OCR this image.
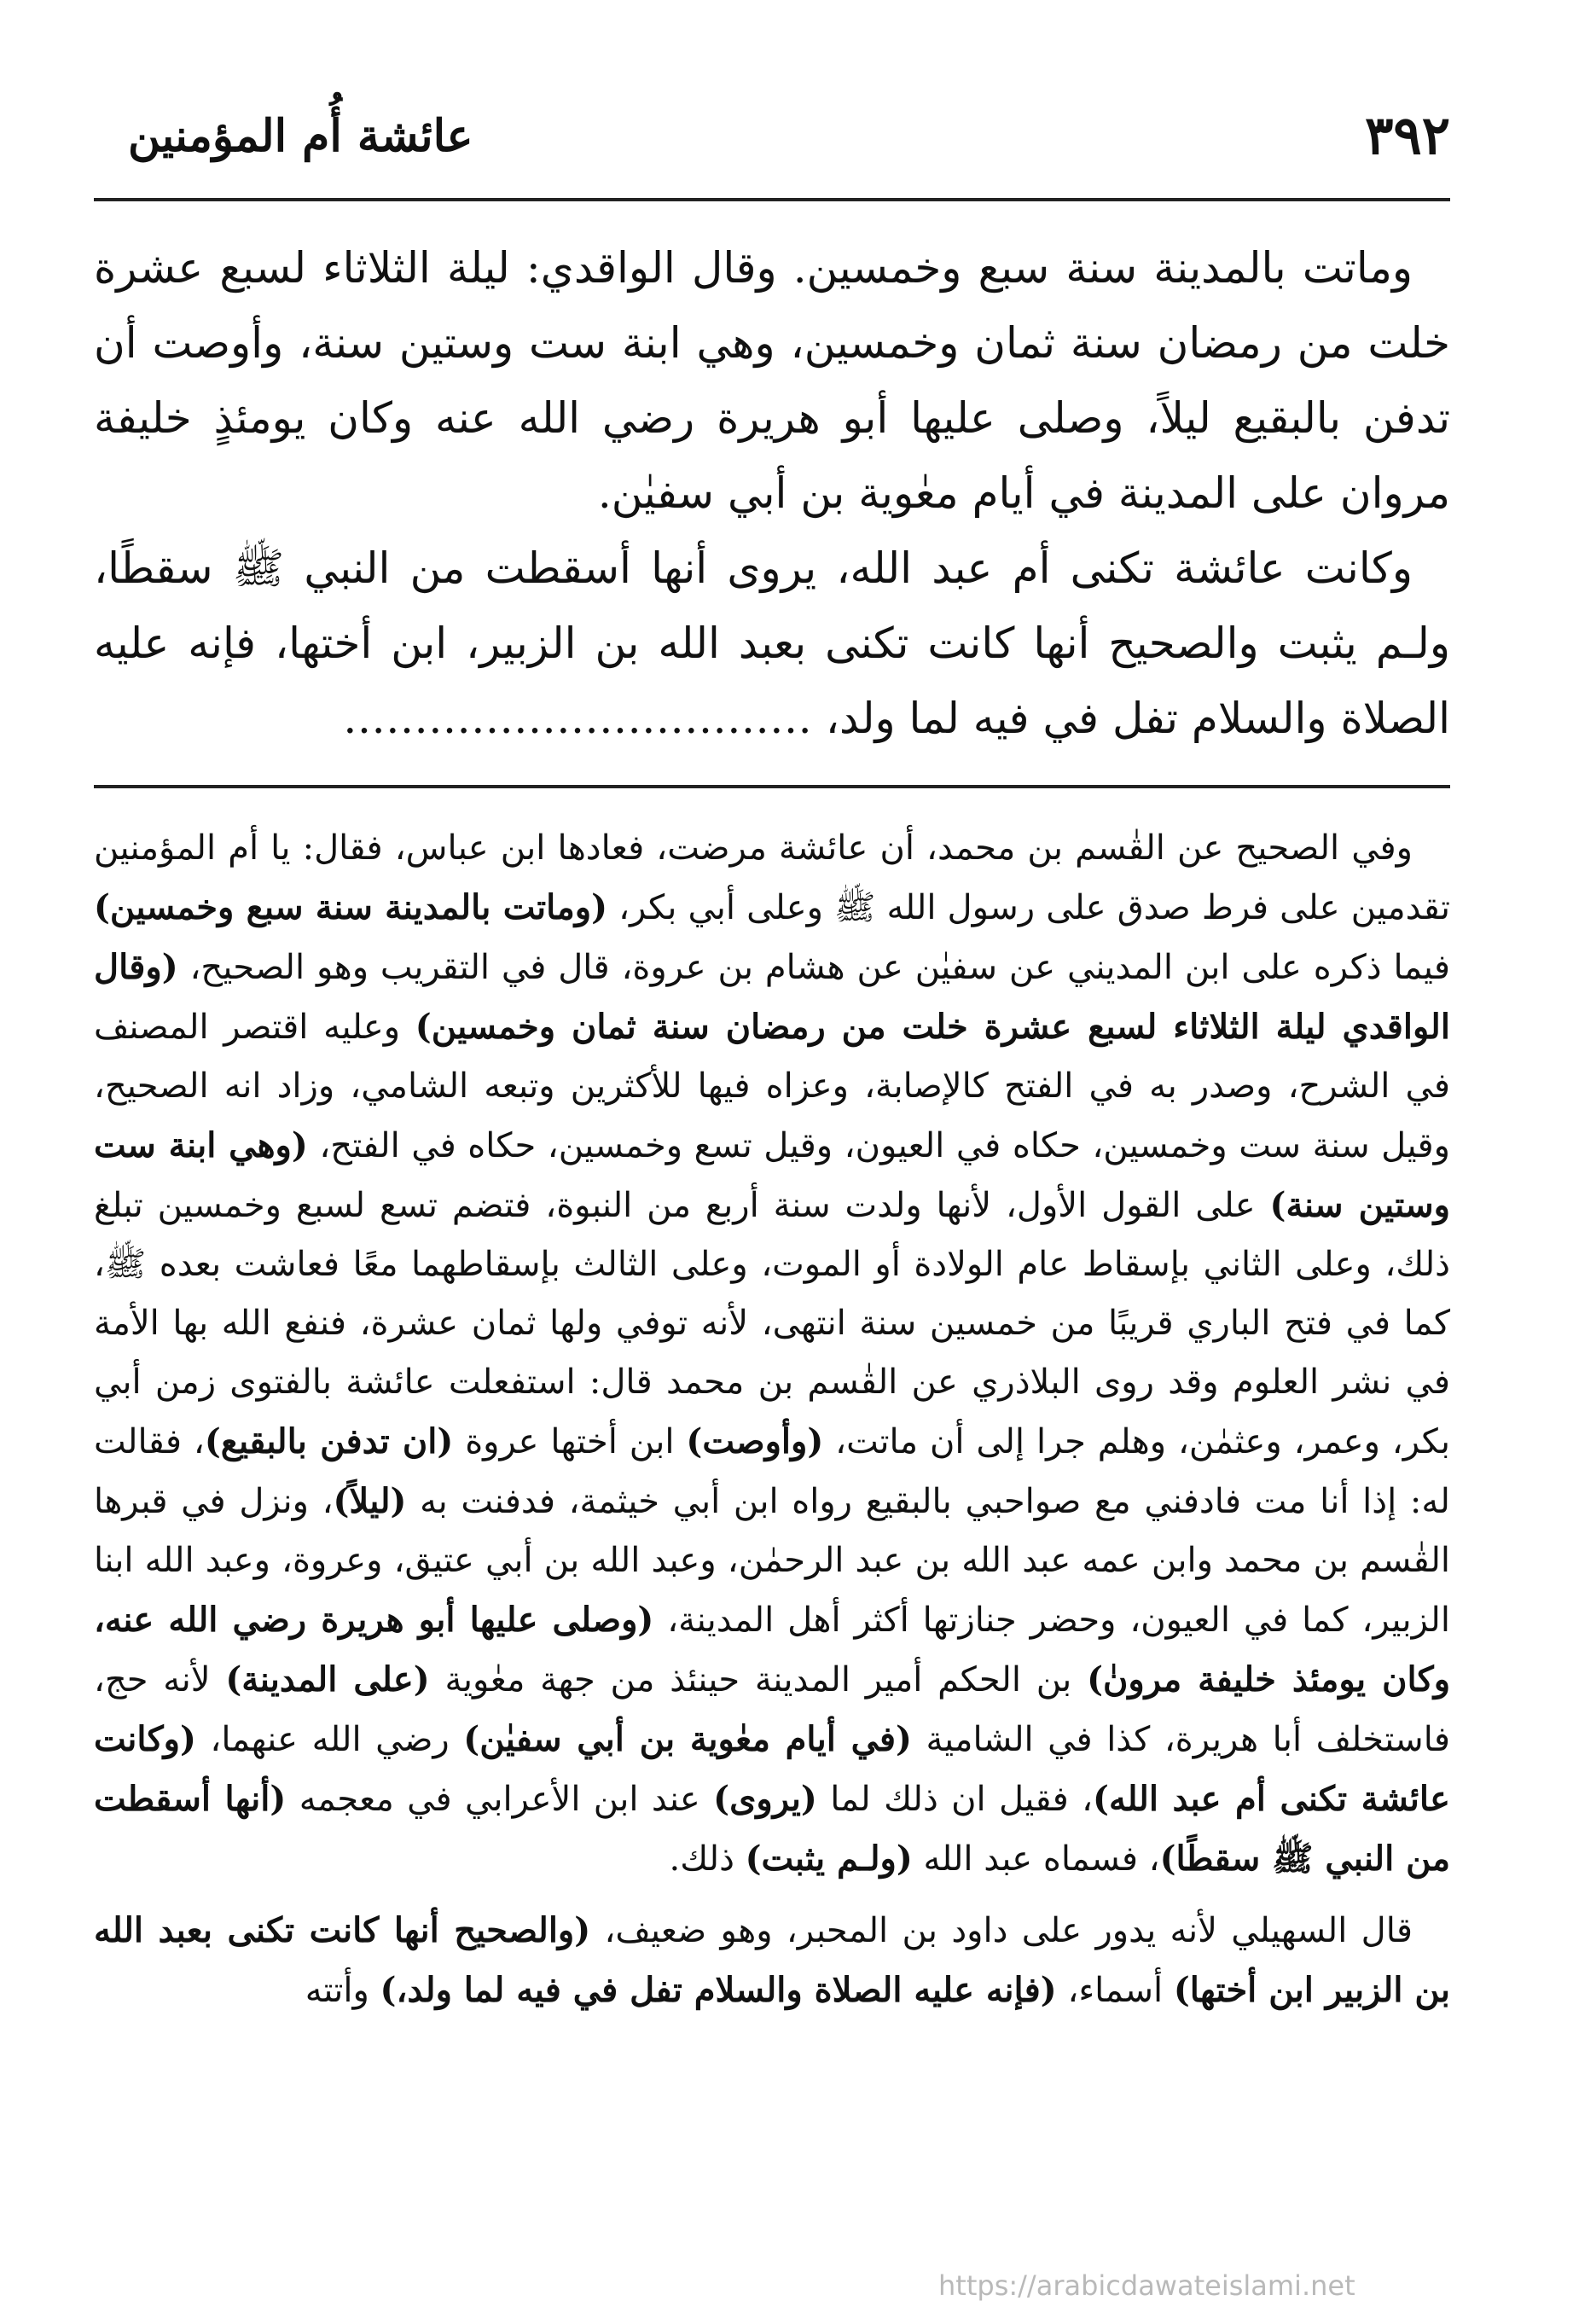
٣٩٢
عائشة أُم المؤمنين

وماتت بالمدينة سنة سبع وخمسين. وقال الواقدي: ليلة الثلاثاء لسبع عشرة خلت من رمضان سنة ثمان وخمسين، وهي ابنة ست وستين سنة، وأوصت أن تدفن بالبقيع ليلاً، وصلى عليها أبو هريرة رضي الله عنه وكان يومئذٍ خليفة مروان على المدينة في أيام معٰوية بن أبي سفيٰن.

وكانت عائشة تكنى أم عبد الله، يروى أنها أسقطت من النبي ﷺ سقطًا، ولـم يثبت والصحيح أنها كانت تكنى بعبد الله بن الزبير، ابن أختها، فإنه عليه الصلاة والسلام تفل في فيه لما ولد، ……………………………

وفي الصحيح عن القٰسم بن محمد، أن عائشة مرضت، فعادها ابن عباس، فقال: يا أم المؤمنين تقدمين على فرط صدق على رسول الله ﷺ وعلى أبي بكر، (وماتت بالمدينة سنة سبع وخمسين) فيما ذكره على ابن المديني عن سفيٰن عن هشام بن عروة، قال في التقريب وهو الصحيح، (وقال الواقدي ليلة الثلاثاء لسبع عشرة خلت من رمضان سنة ثمان وخمسين) وعليه اقتصر المصنف في الشرح، وصدر به في الفتح كالإصابة، وعزاه فيها للأكثرين وتبعه الشامي، وزاد انه الصحيح، وقيل سنة ست وخمسين، حكاه في العيون، وقيل تسع وخمسين، حكاه في الفتح، (وهي ابنة ست وستين سنة) على القول الأول، لأنها ولدت سنة أربع من النبوة، فتضم تسع لسبع وخمسين تبلغ ذلك، وعلى الثاني بإسقاط عام الولادة أو الموت، وعلى الثالث بإسقاطهما معًا فعاشت بعده ﷺ، كما في فتح الباري قريبًا من خمسين سنة انتهى، لأنه توفي ولها ثمان عشرة، فنفع الله بها الأمة في نشر العلوم وقد روى البلاذري عن القٰسم بن محمد قال: استفعلت عائشة بالفتوى زمن أبي بكر، وعمر، وعثمٰن، وهلم جرا إلى أن ماتت، (وأوصت) ابن أختها عروة (ان تدفن بالبقيع)، فقالت له: إذا أنا مت فادفني مع صواحبي بالبقيع رواه ابن أبي خيثمة، فدفنت به (ليلاً)، ونزل في قبرها القٰسم بن محمد وابن عمه عبد الله بن عبد الرحمٰن، وعبد الله بن أبي عتيق، وعروة، وعبد الله ابنا الزبير، كما في العيون، وحضر جنازتها أكثر أهل المدينة، (وصلى عليها أبو هريرة رضي الله عنه، وكان يومئذ خليفة مرونٰ) بن الحكم أمير المدينة حينئذ من جهة معٰوية (على المدينة) لأنه حج، فاستخلف أبا هريرة، كذا في الشامية (في أيام معٰوية بن أبي سفيٰن) رضي الله عنهما، (وكانت عائشة تكنى أم عبد الله)، فقيل ان ذلك لما (يروى) عند ابن الأعرابي في معجمه (أنها أسقطت من النبي ﷺ سقطًا)، فسماه عبد الله (ولـم يثبت) ذلك.

قال السهيلي لأنه يدور على داود بن المحبر، وهو ضعيف، (والصحيح أنها كانت تكنى بعبد الله بن الزبير ابن أختها) أسماء، (فإنه عليه الصلاة والسلام تفل في فيه لما ولد،) وأتته

https://arabicdawateislami.net
